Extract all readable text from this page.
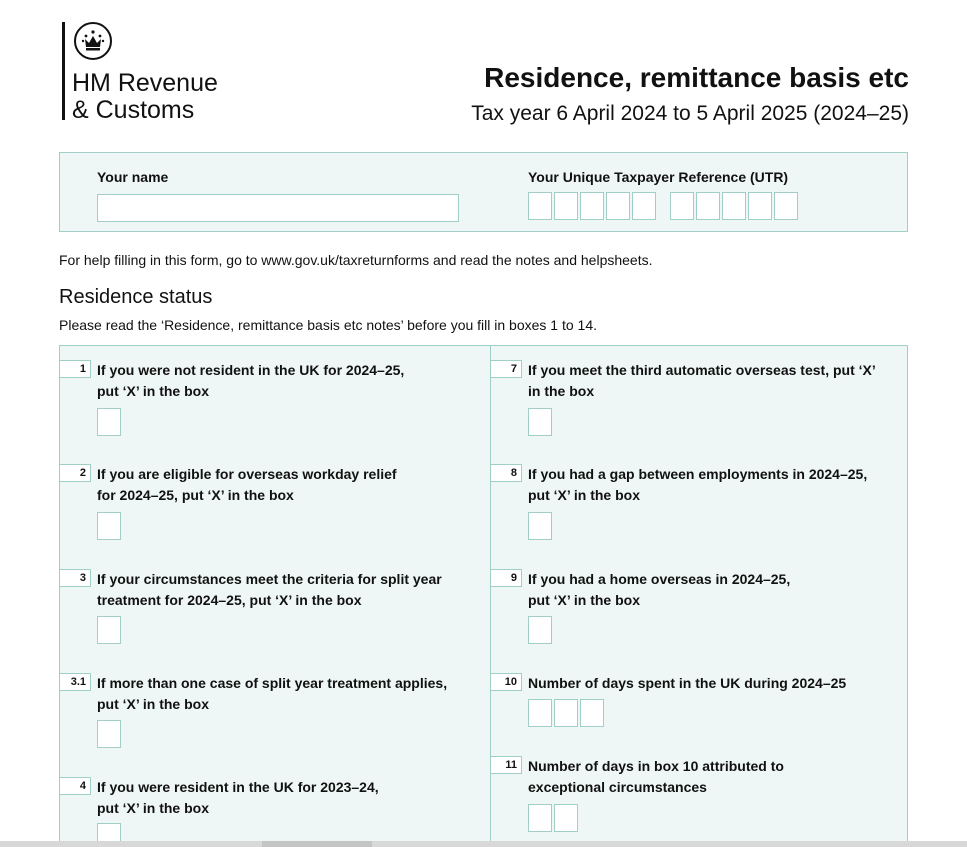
HM Revenue
& Customs
Residence, remittance basis etc
Tax year 6 April 2024 to 5 April 2025 (2024–25)
Your name	Your Unique Taxpayer Reference (UTR)
For help filling in this form, go to www.gov.uk/taxreturnforms and read the notes and helpsheets.
Residence status
Please read the ‘Residence, remittance basis etc notes’ before you fill in boxes 1 to 14.
1 If you were not resident in the UK for 2024–25,
put ‘X’ in the box
2 If you are eligible for overseas workday relief
for 2024–25, put ‘X’ in the box
3 If your circumstances meet the criteria for split year
treatment for 2024–25, put ‘X’ in the box
3.1 If more than one case of split year treatment applies,
put ‘X’ in the box
4 If you were resident in the UK for 2023–24,
put ‘X’ in the box
7 If you meet the third automatic overseas test, put ‘X’
in the box
8 If you had a gap between employments in 2024–25,
put ‘X’ in the box
9 If you had a home overseas in 2024–25,
put ‘X’ in the box
10 Number of days spent in the UK during 2024–25
11 Number of days in box 10 attributed to
exceptional circumstances
